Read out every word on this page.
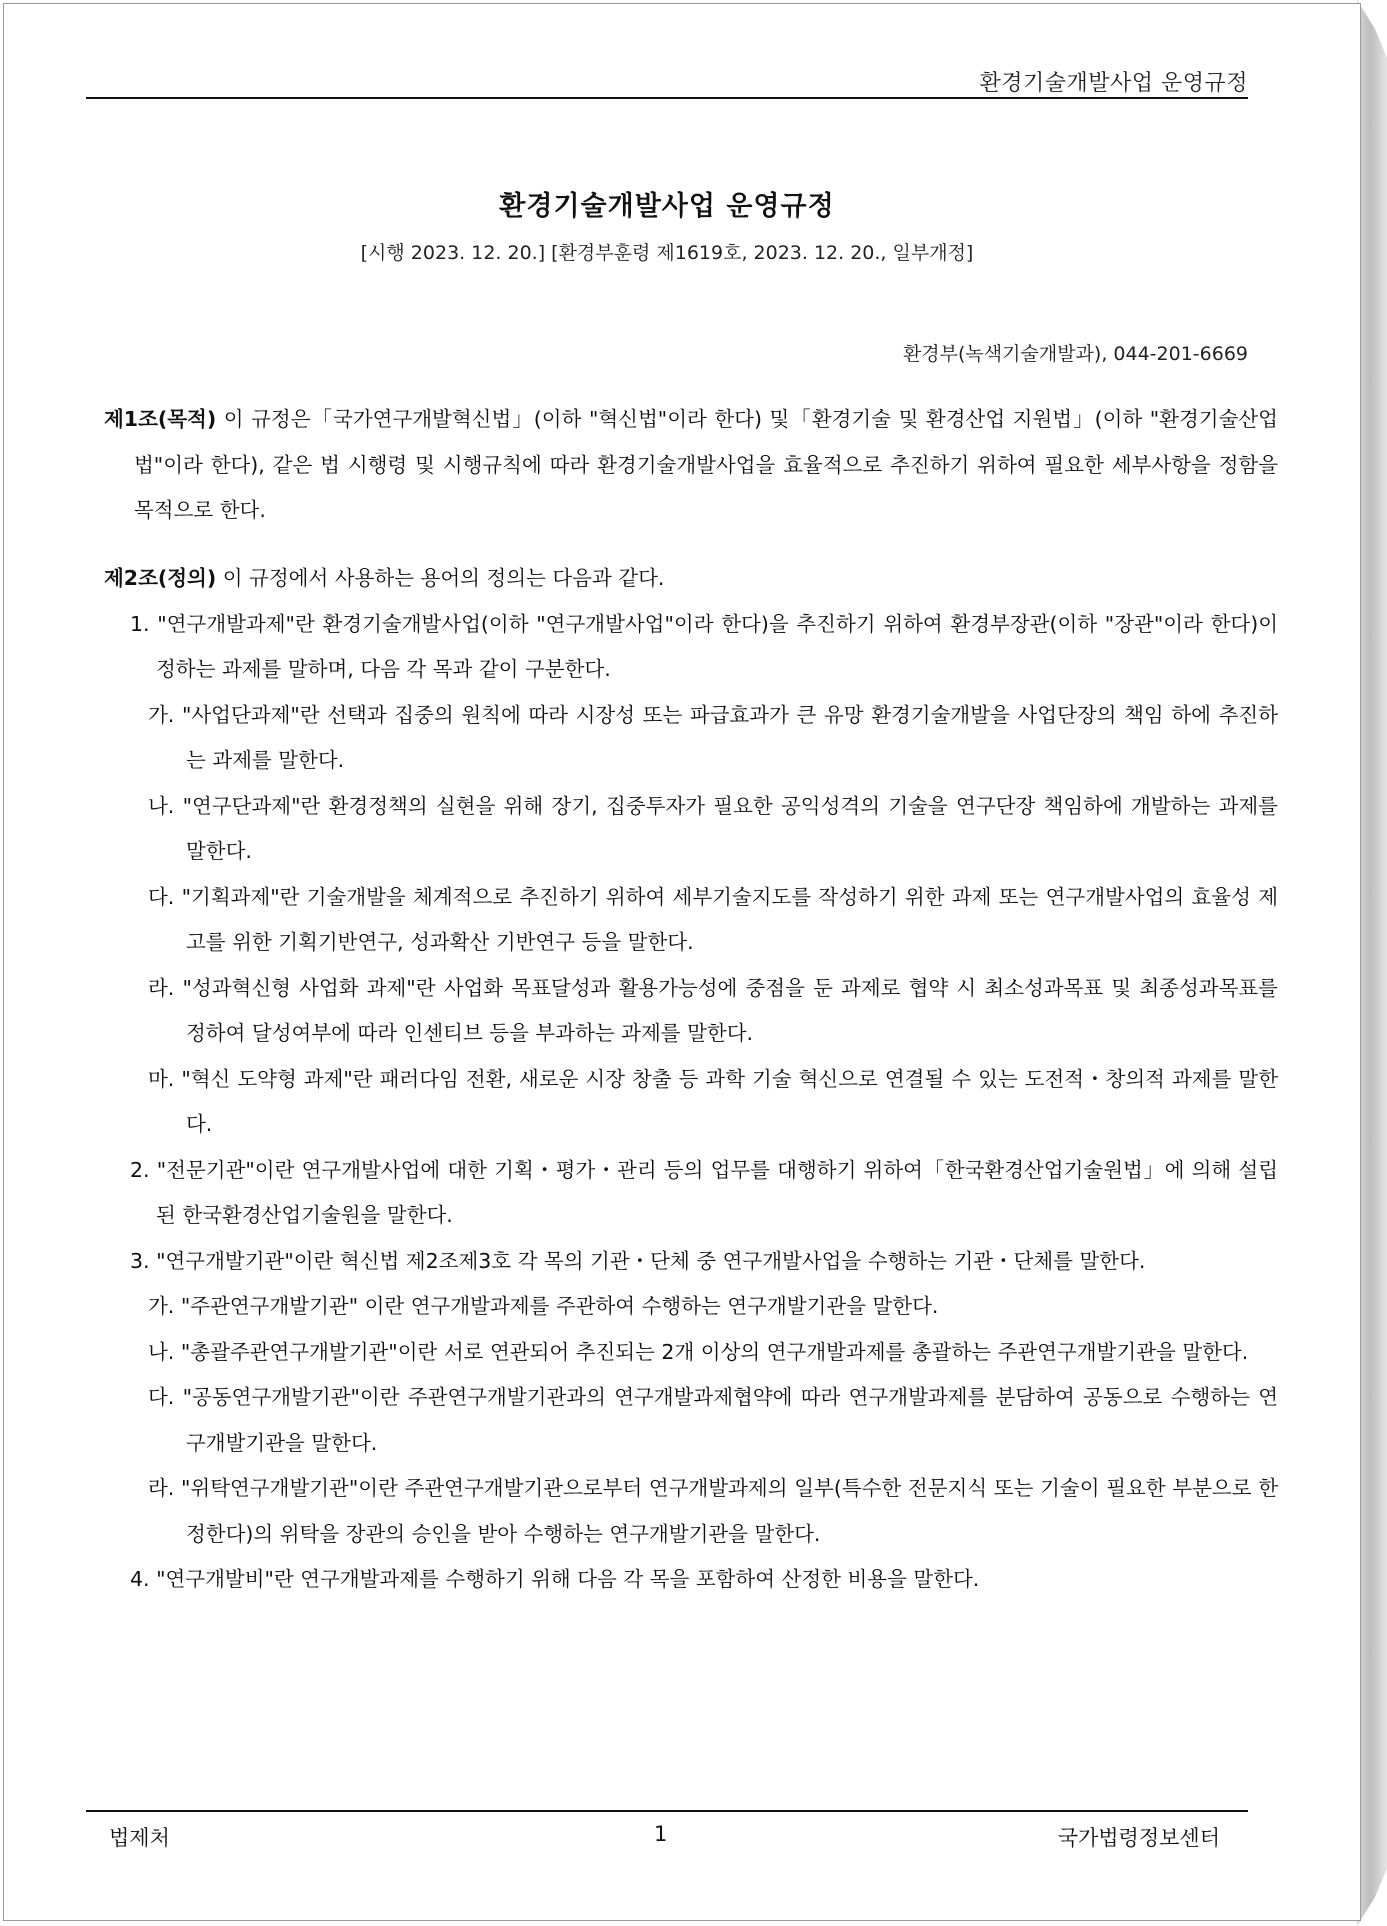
환경기술개발사업 운영규정
환경기술개발사업 운영규정
[시행 2023. 12. 20.] [환경부훈령 제1619호, 2023. 12. 20., 일부개정]
환경부(녹색기술개발과), 044-201-6669
제1조(목적) 이 규정은「국가연구개발혁신법」(이하 "혁신법"이라 한다) 및「환경기술 및 환경산업 지원법」(이하 "환경기술산업법"이라 한다), 같은 법 시행령 및 시행규칙에 따라 환경기술개발사업을 효율적으로 추진하기 위하여 필요한 세부사항을 정함을 목적으로 한다.
제2조(정의) 이 규정에서 사용하는 용어의 정의는 다음과 같다.
1. "연구개발과제"란 환경기술개발사업(이하 "연구개발사업"이라 한다)을 추진하기 위하여 환경부장관(이하 "장관"이라 한다)이 정하는 과제를 말하며, 다음 각 목과 같이 구분한다.
가. "사업단과제"란 선택과 집중의 원칙에 따라 시장성 또는 파급효과가 큰 유망 환경기술개발을 사업단장의 책임 하에 추진하는 과제를 말한다.
나. "연구단과제"란 환경정책의 실현을 위해 장기, 집중투자가 필요한 공익성격의 기술을 연구단장 책임하에 개발하는 과제를 말한다.
다. "기획과제"란 기술개발을 체계적으로 추진하기 위하여 세부기술지도를 작성하기 위한 과제 또는 연구개발사업의 효율성 제고를 위한 기획기반연구, 성과확산 기반연구 등을 말한다.
라. "성과혁신형 사업화 과제"란 사업화 목표달성과 활용가능성에 중점을 둔 과제로 협약 시 최소성과목표 및 최종성과목표를 정하여 달성여부에 따라 인센티브 등을 부과하는 과제를 말한다.
마. "혁신 도약형 과제"란 패러다임 전환, 새로운 시장 창출 등 과학 기술 혁신으로 연결될 수 있는 도전적・창의적 과제를 말한다.
2. "전문기관"이란 연구개발사업에 대한 기획・평가・관리 등의 업무를 대행하기 위하여「한국환경산업기술원법」에 의해 설립된 한국환경산업기술원을 말한다.
3. "연구개발기관"이란 혁신법 제2조제3호 각 목의 기관・단체 중 연구개발사업을 수행하는 기관・단체를 말한다.
가. "주관연구개발기관" 이란 연구개발과제를 주관하여 수행하는 연구개발기관을 말한다.
나. "총괄주관연구개발기관"이란 서로 연관되어 추진되는 2개 이상의 연구개발과제를 총괄하는 주관연구개발기관을 말한다.
다. "공동연구개발기관"이란 주관연구개발기관과의 연구개발과제협약에 따라 연구개발과제를 분담하여 공동으로 수행하는 연구개발기관을 말한다.
라. "위탁연구개발기관"이란 주관연구개발기관으로부터 연구개발과제의 일부(특수한 전문지식 또는 기술이 필요한 부분으로 한정한다)의 위탁을 장관의 승인을 받아 수행하는 연구개발기관을 말한다.
4. "연구개발비"란 연구개발과제를 수행하기 위해 다음 각 목을 포함하여 산정한 비용을 말한다.
법제처	1	국가법령정보센터
